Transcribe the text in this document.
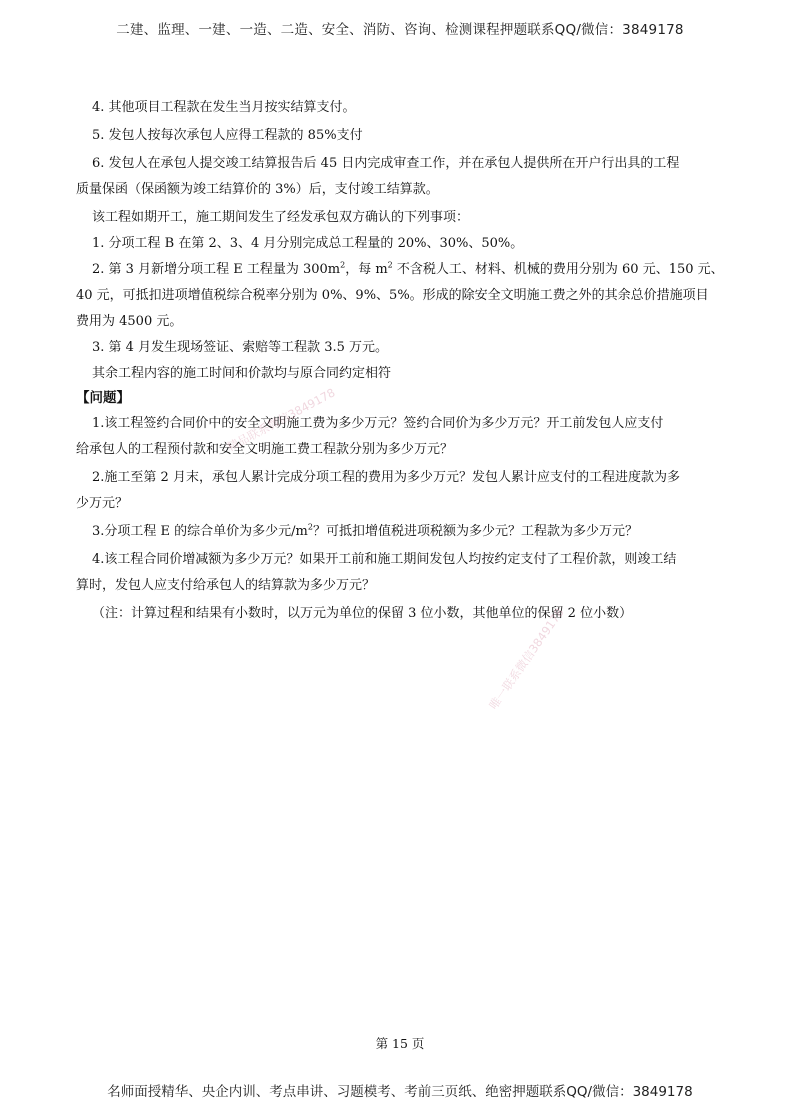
二建、监理、一建、一造、二造、安全、消防、咨询、检测课程押题联系QQ/微信：3849178
4. 其他项目工程款在发生当月按实结算支付。
5. 发包人按每次承包人应得工程款的 85%支付
6. 发包人在承包人提交竣工结算报告后 45 日内完成审查工作，并在承包人提供所在开户行出具的工程
质量保函（保函额为竣工结算价的 3%）后，支付竣工结算款。
该工程如期开工，施工期间发生了经发承包双方确认的下列事项：
1. 分项工程 B 在第 2、3、4 月分别完成总工程量的 20%、30%、50%。
2. 第 3 月新增分项工程 E 工程量为 $300m^2$，每 $m^2$ 不含税人工、材料、机械的费用分别为 60 元、150 元、
40 元，可抵扣进项增值税综合税率分别为 0%、9%、5%。形成的除安全文明施工费之外的其余总价措施项目
费用为 4500 元。
3. 第 4 月发生现场签证、索赔等工程款 3.5 万元。
其余工程内容的施工时间和价款均与原合同约定相符
【问题】
1.该工程签约合同价中的安全文明施工费为多少万元？签约合同价为多少万元？开工前发包人应支付
给承包人的工程预付款和安全文明施工费工程款分别为多少万元？
2.施工至第 2 月末，承包人累计完成分项工程的费用为多少万元？发包人累计应支付的工程进度款为多
少万元？
3.分项工程 E 的综合单价为多少元$/m^2$？可抵扣增值税进项税额为多少元？工程款为多少万元？
4.该工程合同价增减额为多少万元？如果开工前和施工期间发包人均按约定支付了工程价款，则竣工结
算时，发包人应支付给承包人的结算款为多少万元？
（注：计算过程和结果有小数时，以万元为单位的保留 3 位小数，其他单位的保留 2 位小数）
精品联系微信3849178
唯一联系微信3849178
第 15 页
名师面授精华、央企内训、考点串讲、习题模考、考前三页纸、绝密押题联系QQ/微信：3849178
